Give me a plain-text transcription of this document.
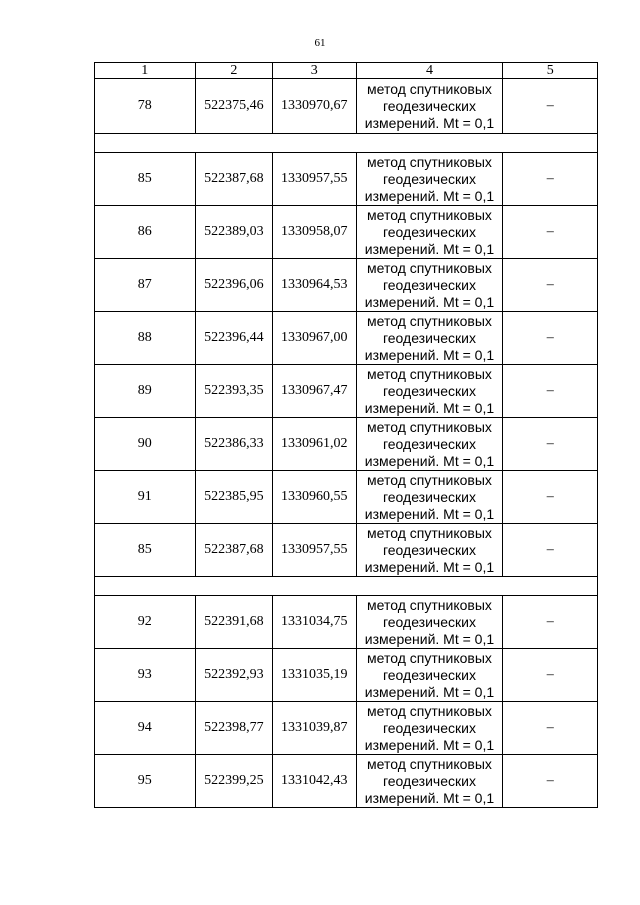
61
1	2	3	4	5
78	522375,46	1330970,67	метод спутниковых
геодезических
измерений. Mt = 0,1	–

85	522387,68	1330957,55	метод спутниковых
геодезических
измерений. Mt = 0,1	–
86	522389,03	1330958,07	метод спутниковых
геодезических
измерений. Mt = 0,1	–
87	522396,06	1330964,53	метод спутниковых
геодезических
измерений. Mt = 0,1	–
88	522396,44	1330967,00	метод спутниковых
геодезических
измерений. Mt = 0,1	–
89	522393,35	1330967,47	метод спутниковых
геодезических
измерений. Mt = 0,1	–
90	522386,33	1330961,02	метод спутниковых
геодезических
измерений. Mt = 0,1	–
91	522385,95	1330960,55	метод спутниковых
геодезических
измерений. Mt = 0,1	–
85	522387,68	1330957,55	метод спутниковых
геодезических
измерений. Mt = 0,1	–

92	522391,68	1331034,75	метод спутниковых
геодезических
измерений. Mt = 0,1	–
93	522392,93	1331035,19	метод спутниковых
геодезических
измерений. Mt = 0,1	–
94	522398,77	1331039,87	метод спутниковых
геодезических
измерений. Mt = 0,1	–
95	522399,25	1331042,43	метод спутниковых
геодезических
измерений. Mt = 0,1	–
